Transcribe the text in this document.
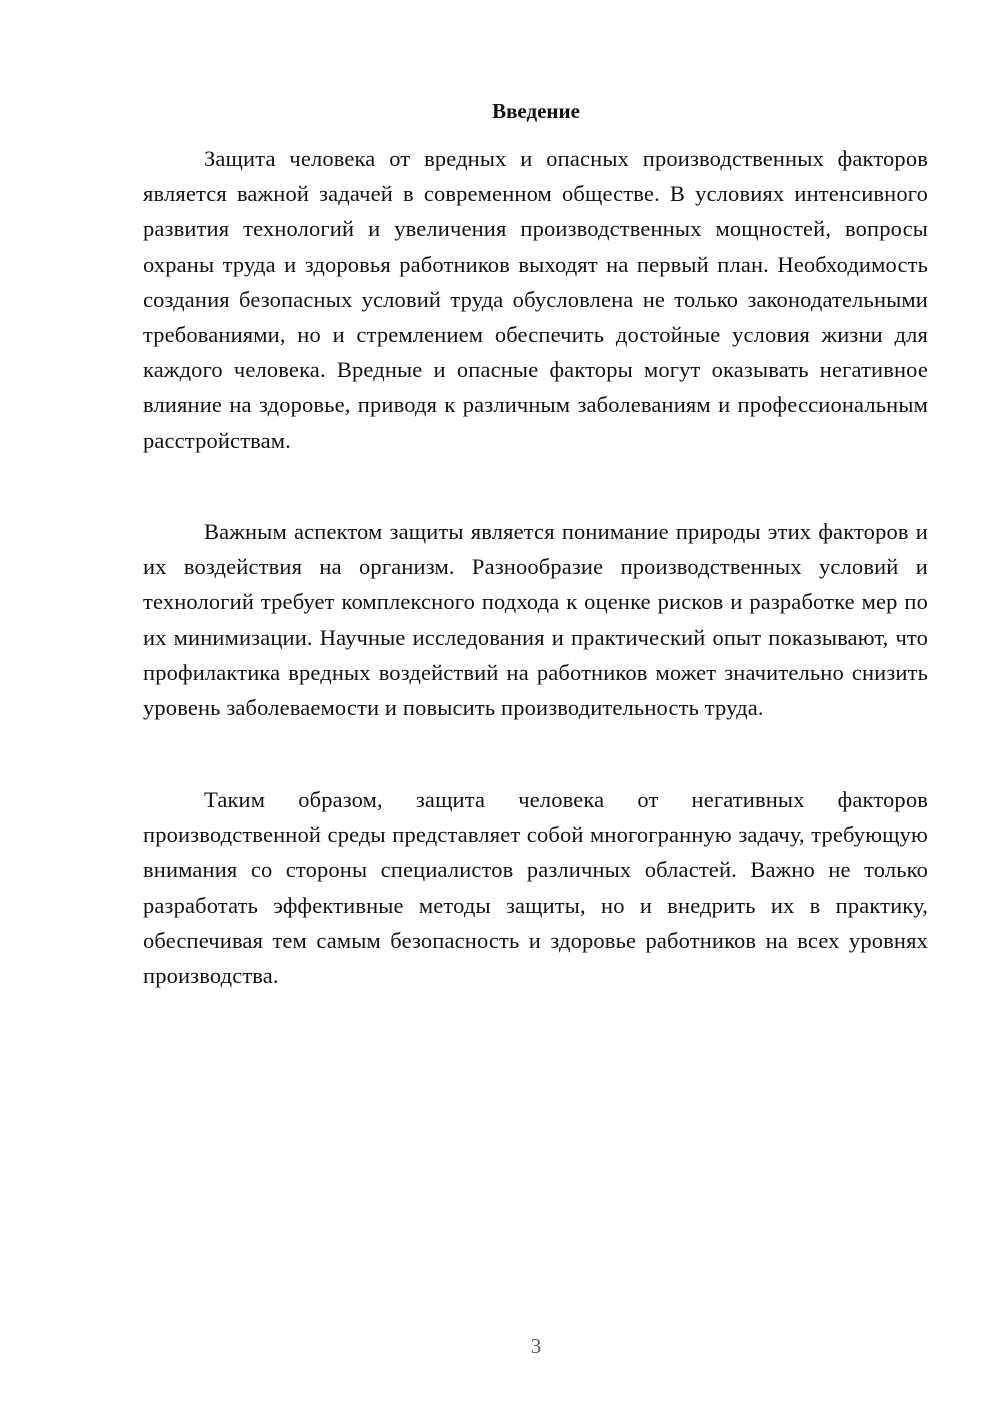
Введение

Защита человека от вредных и опасных производственных факторов является важной задачей в современном обществе. В условиях интенсивного развития технологий и увеличения производственных мощностей, вопросы охраны труда и здоровья работников выходят на первый план. Необходимость создания безопасных условий труда обусловлена не только законодательными требованиями, но и стремлением обеспечить достойные условия жизни для каждого человека. Вредные и опасные факторы могут оказывать негативное влияние на здоровье, приводя к различным заболеваниям и профессиональным расстройствам.

Важным аспектом защиты является понимание природы этих факторов и их воздействия на организм. Разнообразие производственных условий и технологий требует комплексного подхода к оценке рисков и разработке мер по их минимизации. Научные исследования и практический опыт показывают, что профилактика вредных воздействий на работников может значительно снизить уровень заболеваемости и повысить производительность труда.

Таким образом, защита человека от негативных факторов производственной среды представляет собой многогранную задачу, требующую внимания со стороны специалистов различных областей. Важно не только разработать эффективные методы защиты, но и внедрить их в практику, обеспечивая тем самым безопасность и здоровье работников на всех уровнях производства.

3
